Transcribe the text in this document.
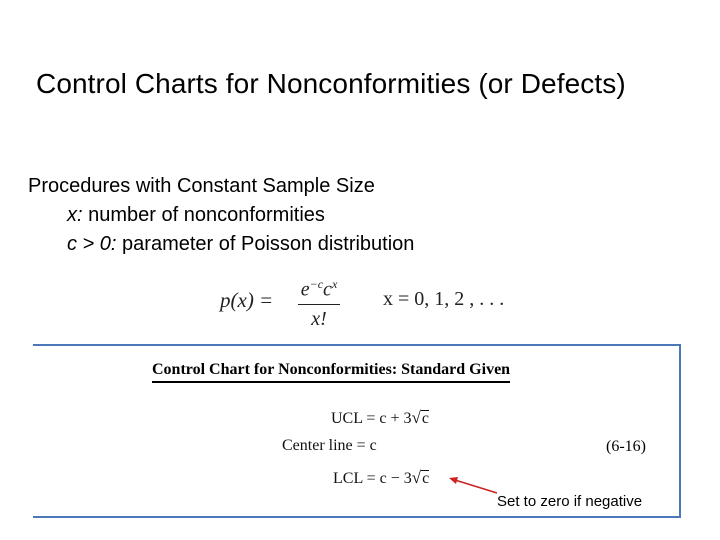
Control Charts for Nonconformities (or Defects)
Procedures with Constant Sample Size
x: number of nonconformities
c > 0: parameter of Poisson distribution
$p(x) = e^{-c}c^x$
x!
x = 0, 1, 2 , . . .
Control Chart for Nonconformities: Standard Given
UCL = c + 3√c
Center line = c
LCL = c − 3√c
(6-16)
Set to zero if negative
